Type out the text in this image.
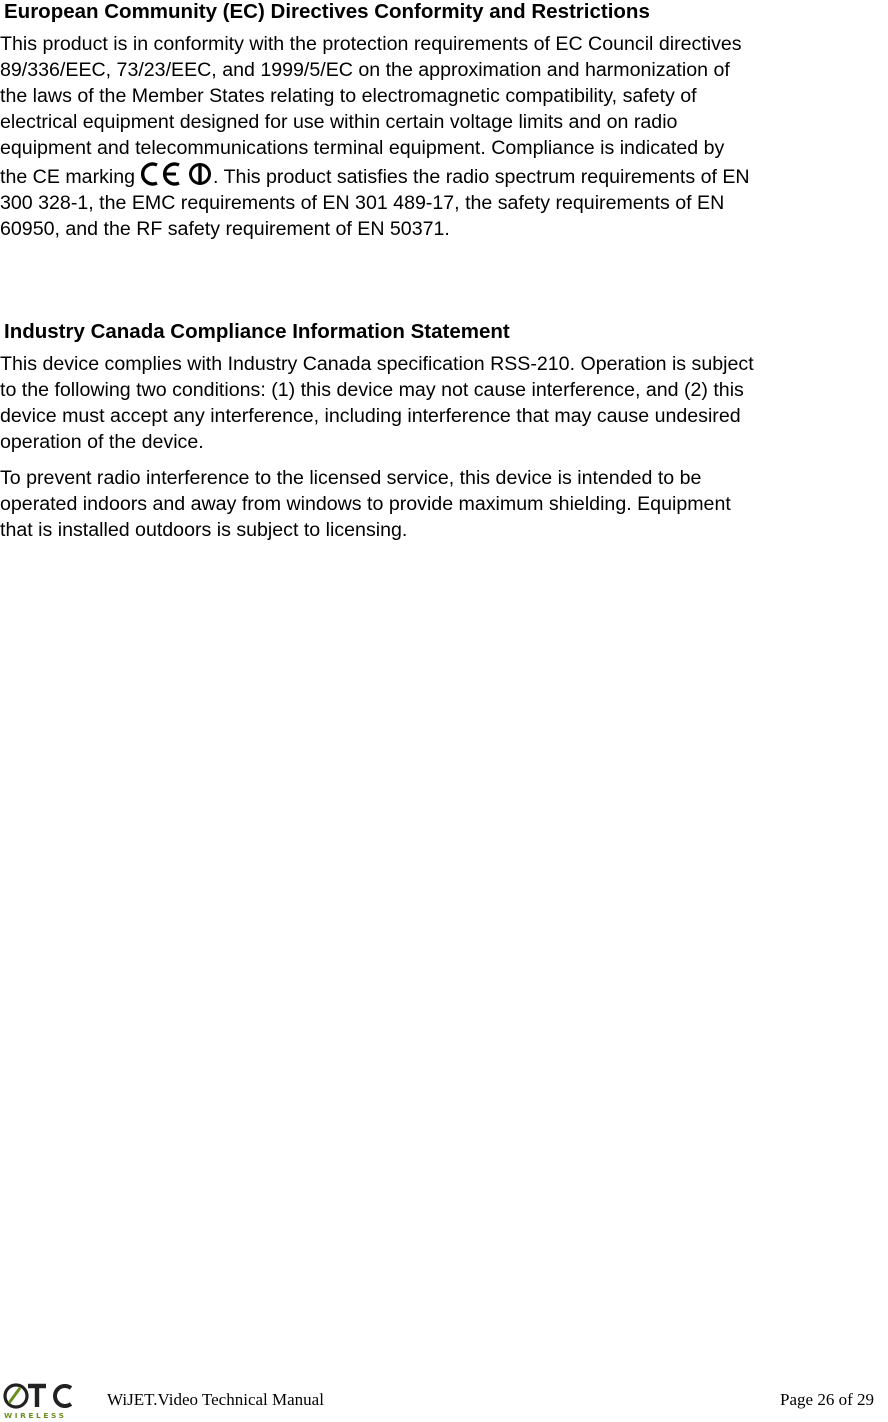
European Community (EC) Directives Conformity and Restrictions
This product is in conformity with the protection requirements of EC Council directives
89/336/EEC, 73/23/EEC, and 1999/5/EC on the approximation and harmonization of
the laws of the Member States relating to electromagnetic compatibility, safety of
electrical equipment designed for use within certain voltage limits and on radio
equipment and telecommunications terminal equipment. Compliance is indicated by
the CE marking	. This product satisfies the radio spectrum requirements of EN
300 328-1, the EMC requirements of EN 301 489-17, the safety requirements of EN
60950, and the RF safety requirement of EN 50371.
Industry Canada Compliance Information Statement
This device complies with Industry Canada specification RSS-210. Operation is subject
to the following two conditions: (1) this device may not cause interference, and (2) this
device must accept any interference, including interference that may cause undesired
operation of the device.
To prevent radio interference to the licensed service, this device is intended to be
operated indoors and away from windows to provide maximum shielding. Equipment
that is installed outdoors is subject to licensing.
WIRELESS
WiJET.Video Technical Manual	Page 26 of 29
